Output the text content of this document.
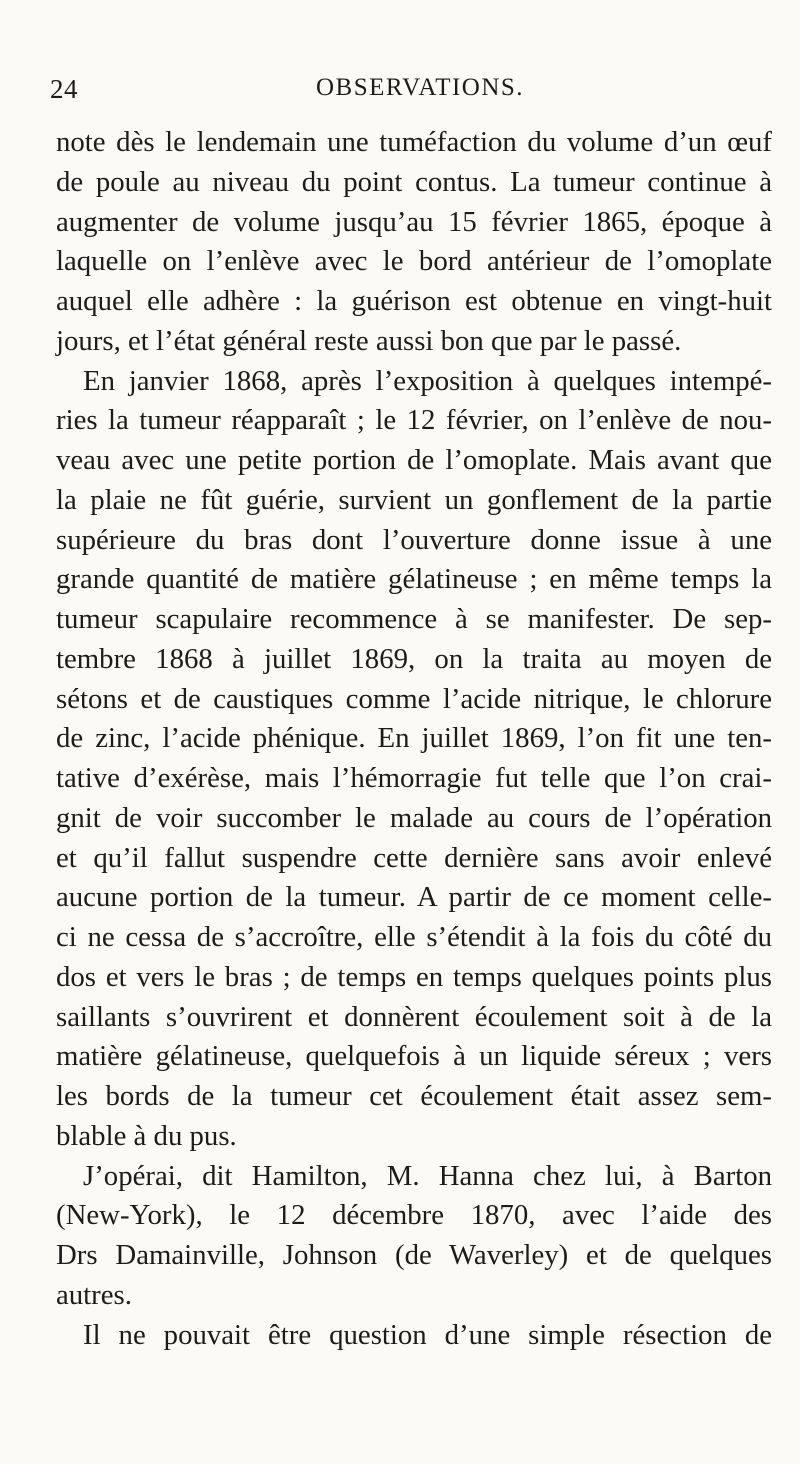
24	OBSERVATIONS.
note dès le lendemain une tuméfaction du volume d’un œuf
de poule au niveau du point contus. La tumeur continue à
augmenter de volume jusqu’au 15 février 1865, époque à
laquelle on l’enlève avec le bord antérieur de l’omoplate
auquel elle adhère : la guérison est obtenue en vingt-huit
jours, et l’état général reste aussi bon que par le passé.
En janvier 1868, après l’exposition à quelques intempé-
ries la tumeur réapparaît ; le 12 février, on l’enlève de nou-
veau avec une petite portion de l’omoplate. Mais avant que
la plaie ne fût guérie, survient un gonflement de la partie
supérieure du bras dont l’ouverture donne issue à une
grande quantité de matière gélatineuse ; en même temps la
tumeur scapulaire recommence à se manifester. De sep-
tembre 1868 à juillet 1869, on la traita au moyen de
sétons et de caustiques comme l’acide nitrique, le chlorure
de zinc, l’acide phénique. En juillet 1869, l’on fit une ten-
tative d’exérèse, mais l’hémorragie fut telle que l’on crai-
gnit de voir succomber le malade au cours de l’opération
et qu’il fallut suspendre cette dernière sans avoir enlevé
aucune portion de la tumeur. A partir de ce moment celle-
ci ne cessa de s’accroître, elle s’étendit à la fois du côté du
dos et vers le bras ; de temps en temps quelques points plus
saillants s’ouvrirent et donnèrent écoulement soit à de la
matière gélatineuse, quelquefois à un liquide séreux ; vers
les bords de la tumeur cet écoulement était assez sem-
blable à du pus.
J’opérai, dit Hamilton, M. Hanna chez lui, à Barton
(New-York), le 12 décembre 1870, avec l’aide des
Drs Damainville, Johnson (de Waverley) et de quelques
autres.
Il ne pouvait être question d’une simple résection de
